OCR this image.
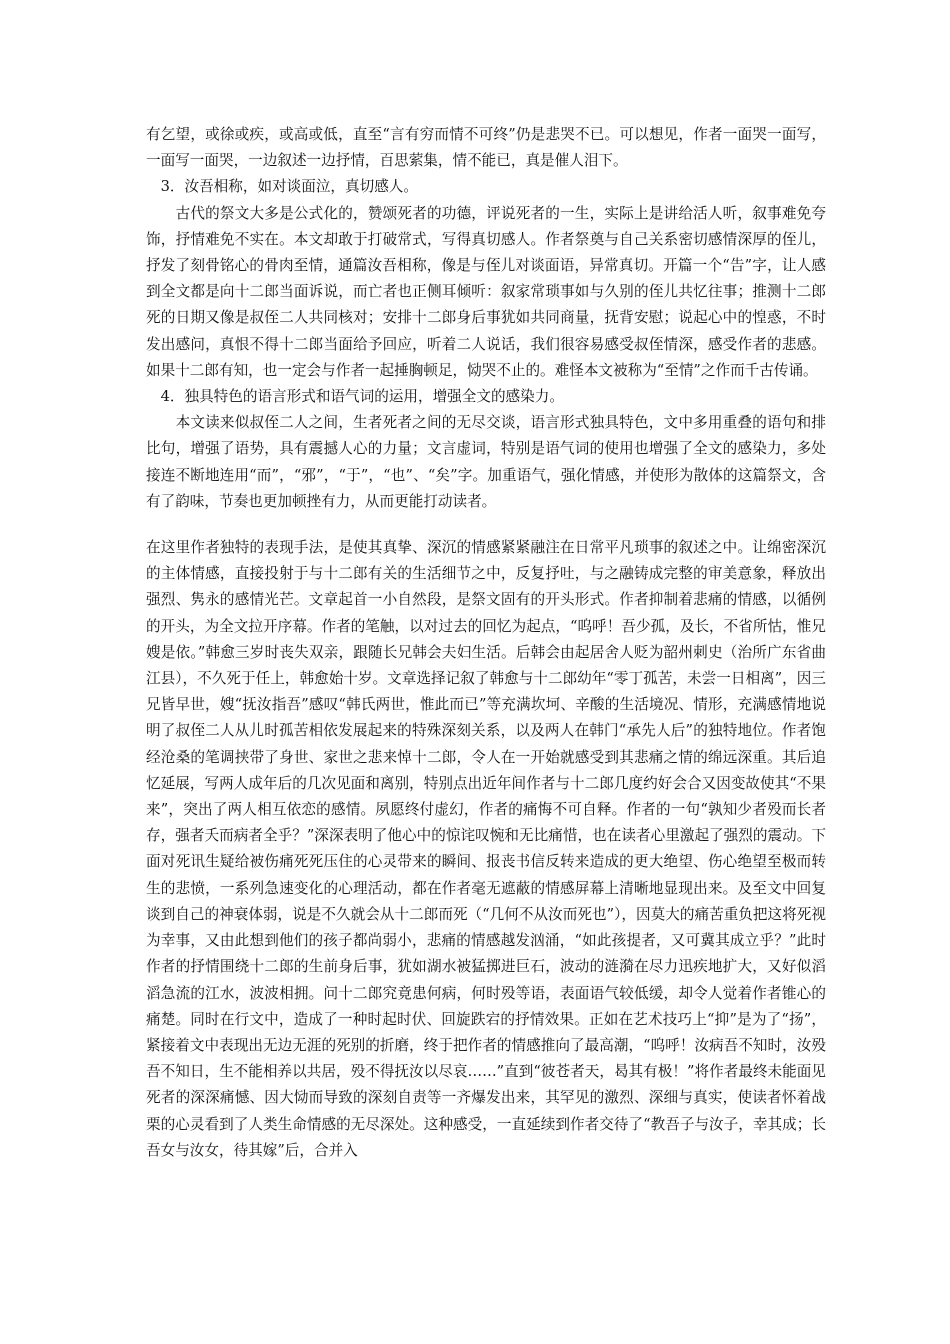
有乞望，或徐或疾，或高或低，直至“言有穷而情不可终”仍是悲哭不已。可以想见，作者一面哭一面写，一面写一面哭，一边叙述一边抒情，百思萦集，情不能已，真是催人泪下。

　3．汝吾相称，如对谈面泣，真切感人。

　　古代的祭文大多是公式化的，赞颂死者的功德，评说死者的一生，实际上是讲给活人听，叙事难免夸饰，抒情难免不实在。本文却敢于打破常式，写得真切感人。作者祭奠与自己关系密切感情深厚的侄儿，抒发了刻骨铭心的骨肉至情，通篇汝吾相称，像是与侄儿对谈面语，异常真切。开篇一个“告”字，让人感到全文都是向十二郎当面诉说，而亡者也正侧耳倾听：叙家常琐事如与久别的侄儿共忆往事；推测十二郎死的日期又像是叔侄二人共同核对；安排十二郎身后事犹如共同商量，抚背安慰；说起心中的惶惑，不时发出感问，真恨不得十二郎当面给予回应，听着二人说话，我们很容易感受叔侄情深，感受作者的悲感。如果十二郎有知，也一定会与作者一起捶胸顿足，恸哭不止的。难怪本文被称为“至情”之作而千古传诵。

　4．独具特色的语言形式和语气词的运用，增强全文的感染力。

　　本文读来似叔侄二人之间，生者死者之间的无尽交谈，语言形式独具特色，文中多用重叠的语句和排比句，增强了语势，具有震撼人心的力量；文言虚词，特别是语气词的使用也增强了全文的感染力，多处接连不断地连用“而”，“邪”，“于”，“也”、“矣”字。加重语气，强化情感，并使形为散体的这篇祭文，含有了韵味，节奏也更加顿挫有力，从而更能打动读者。

在这里作者独特的表现手法，是使其真挚、深沉的情感紧紧融注在日常平凡琐事的叙述之中。让绵密深沉的主体情感，直接投射于与十二郎有关的生活细节之中，反复抒吐，与之融铸成完整的审美意象，释放出强烈、隽永的感情光芒。文章起首一小自然段，是祭文固有的开头形式。作者抑制着悲痛的情感，以循例的开头，为全文拉开序幕。作者的笔触，以对过去的回忆为起点，“呜呼！吾少孤，及长，不省所怙，惟兄嫂是依。”韩愈三岁时丧失双亲，跟随长兄韩会夫妇生活。后韩会由起居舍人贬为韶州刺史（治所广东省曲江县），不久死于任上，韩愈始十岁。文章选择记叙了韩愈与十二郎幼年“零丁孤苦，未尝一日相离”，因三兄皆早世，嫂“抚汝指吾”感叹“韩氏两世，惟此而已”等充满坎坷、辛酸的生活境况、情形，充满感情地说明了叔侄二人从儿时孤苦相依发展起来的特殊深刻关系，以及两人在韩门“承先人后”的独特地位。作者饱经沧桑的笔调挟带了身世、家世之悲来悼十二郎，令人在一开始就感受到其悲痛之情的绵远深重。其后追忆延展，写两人成年后的几次见面和离别，特别点出近年间作者与十二郎几度约好会合又因变故使其“不果来”，突出了两人相互依恋的感情。夙愿终付虚幻，作者的痛悔不可自释。作者的一句“孰知少者殁而长者存，强者夭而病者全乎？”深深表明了他心中的惊诧叹惋和无比痛惜，也在读者心里激起了强烈的震动。下面对死讯生疑给被伤痛死死压住的心灵带来的瞬间、报丧书信反转来造成的更大绝望、伤心绝望至极而转生的悲愤，一系列急速变化的心理活动，都在作者毫无遮蔽的情感屏幕上清晰地显现出来。及至文中回复谈到自己的神衰体弱，说是不久就会从十二郎而死（“几何不从汝而死也”），因莫大的痛苦重负把这将死视为幸事，又由此想到他们的孩子都尚弱小，悲痛的情感越发汹涌，“如此孩提者，又可冀其成立乎？”此时作者的抒情围绕十二郎的生前身后事，犹如湖水被猛掷进巨石，波动的涟漪在尽力迅疾地扩大，又好似滔滔急流的江水，波波相拥。问十二郎究竟患何病，何时殁等语，表面语气较低缓，却令人觉着作者锥心的痛楚。同时在行文中，造成了一种时起时伏、回旋跌宕的抒情效果。正如在艺术技巧上“抑”是为了“扬”，紧接着文中表现出无边无涯的死别的折磨，终于把作者的情感推向了最高潮，“呜呼！汝病吾不知时，汝殁吾不知日，生不能相养以共居，殁不得抚汝以尽哀……”直到“彼苍者天，曷其有极！”将作者最终未能面见死者的深深痛憾、因大恸而导致的深刻自责等一齐爆发出来，其罕见的激烈、深细与真实，使读者怀着战栗的心灵看到了人类生命情感的无尽深处。这种感受，一直延续到作者交待了“教吾子与汝子，幸其成；长吾女与汝女，待其嫁”后，合并入
